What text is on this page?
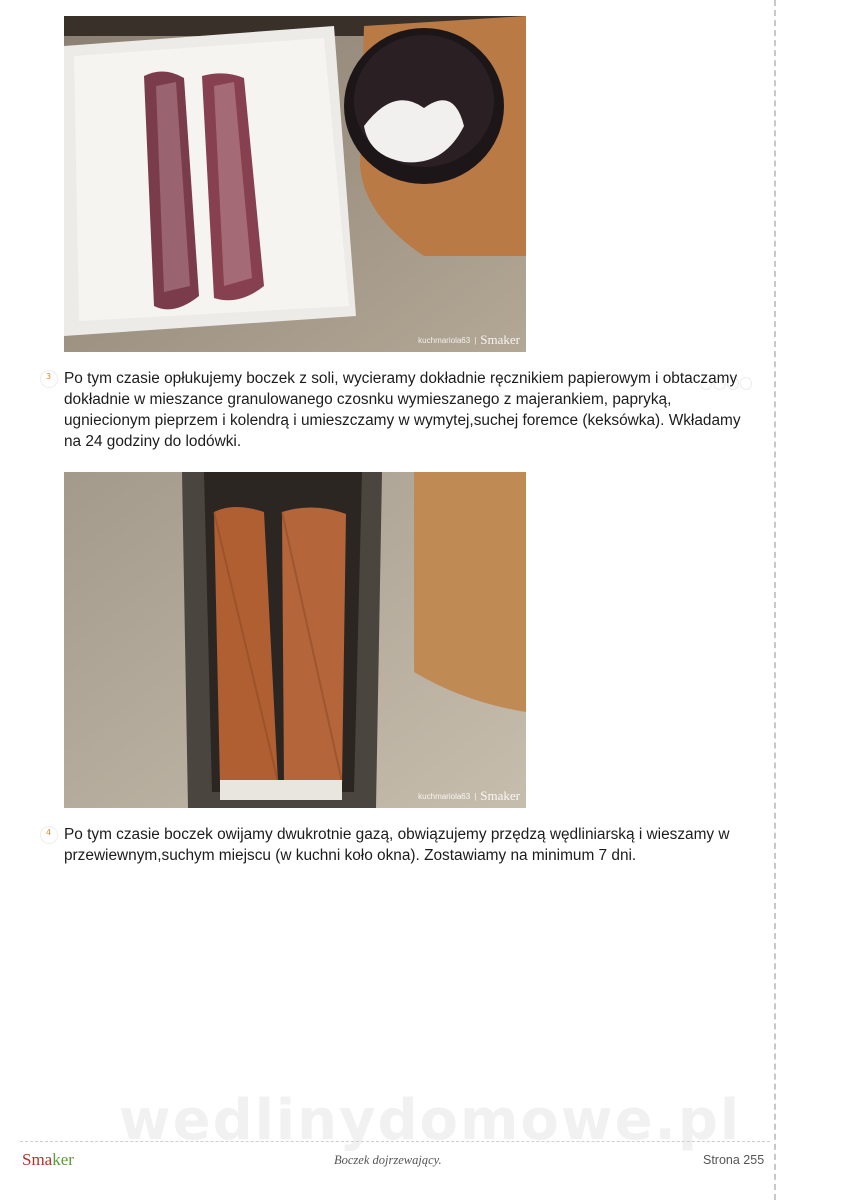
kuchmariola63 | Smaker
3 Po tym czasie opłukujemy boczek z soli, wycieramy dokładnie ręcznikiem papierowym i obtaczamy dokładnie w mieszance granulowanego czosnku wymieszanego z majerankiem, papryką, ugniecionym pieprzem i kolendrą i umieszczamy w wymytej,suchej foremce (keksówka). Wkładamy na 24 godziny do lodówki.
kuchmariola63 | Smaker
4 Po tym czasie boczek owijamy dwukrotnie gazą, obwiązujemy przędzą wędliniarską i wieszamy w przewiewnym,suchym miejscu (w kuchni koło okna). Zostawiamy na minimum 7 dni.
wedlinydomowe.pl
Smaker	Boczek dojrzewający.	Strona 255
